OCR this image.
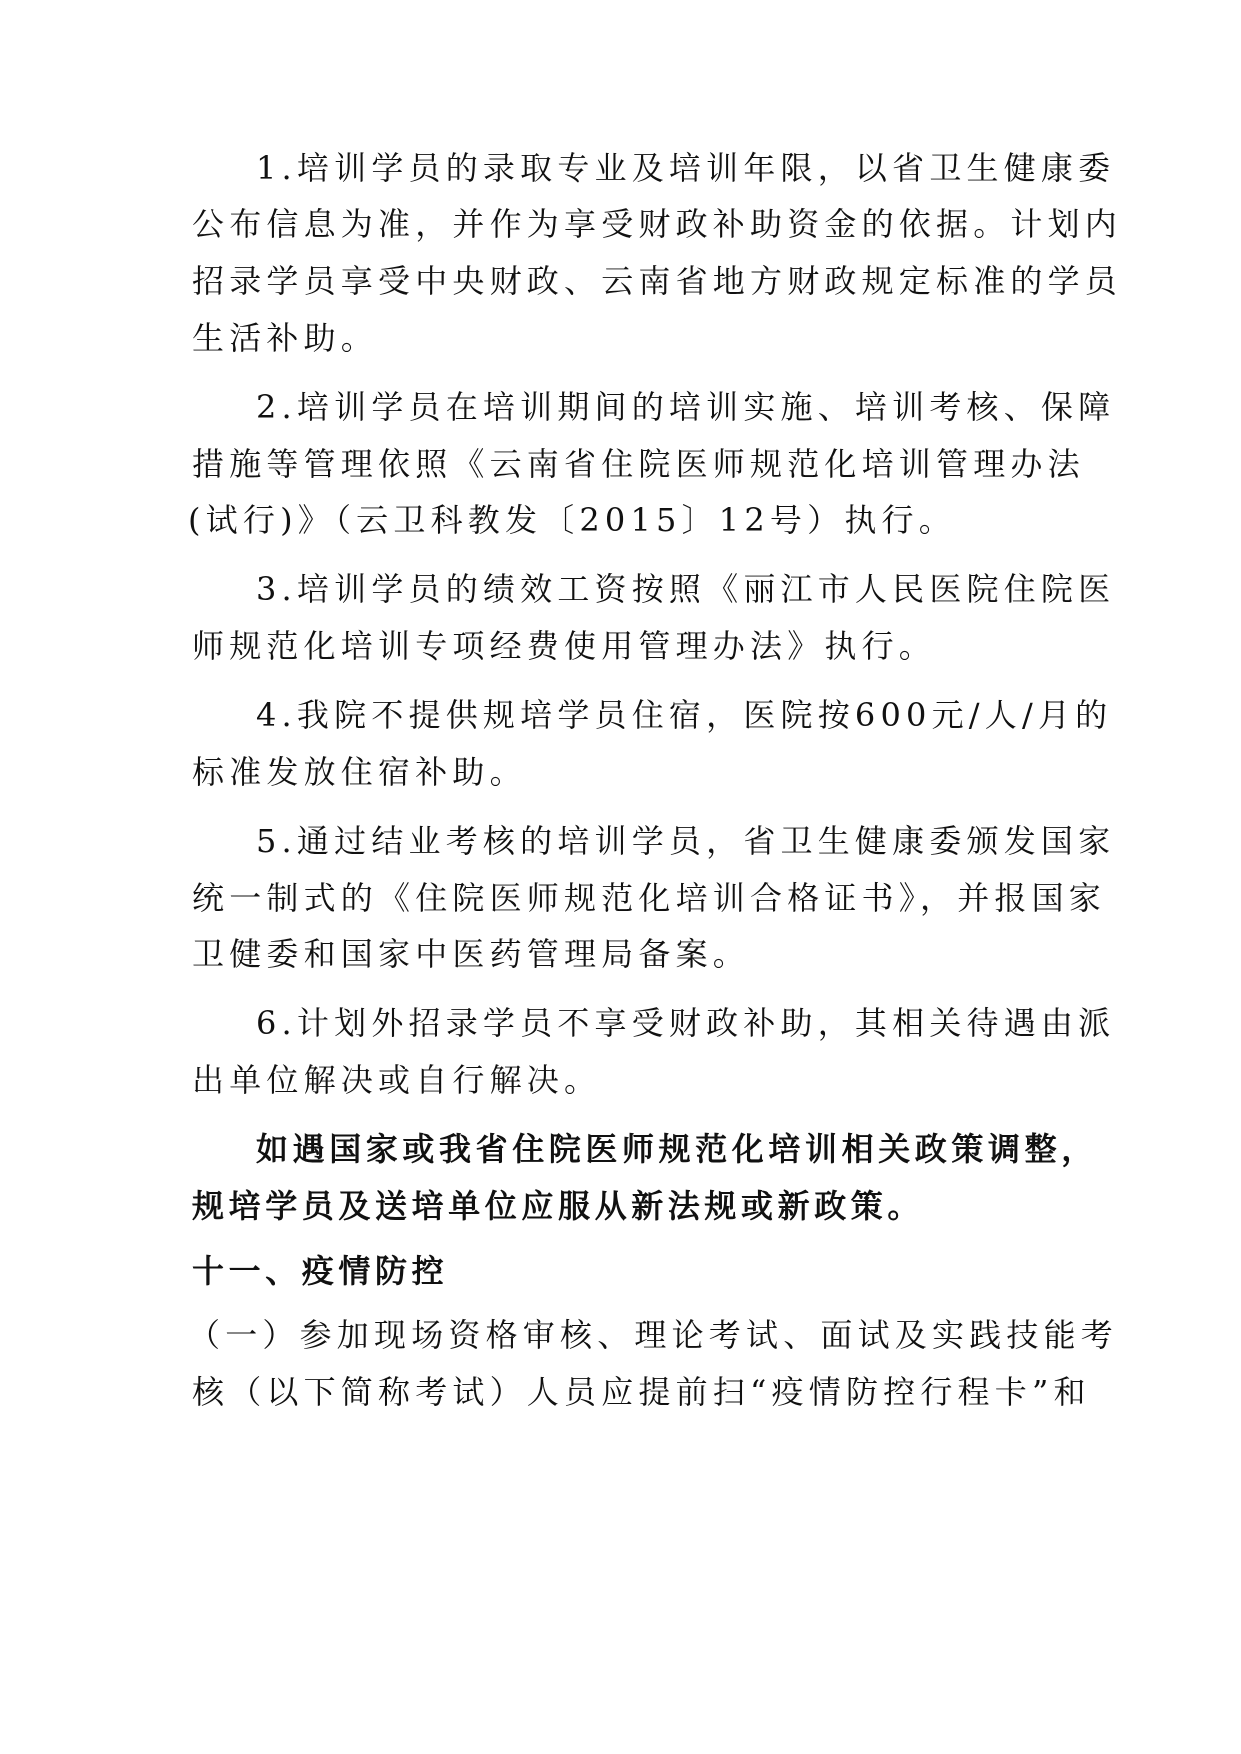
1.培训学员的录取专业及培训年限，以省卫生健康委
公布信息为准，并作为享受财政补助资金的依据。计划内
招录学员享受中央财政、云南省地方财政规定标准的学员
生活补助。
2.培训学员在培训期间的培训实施、培训考核、保障
措施等管理依照《云南省住院医师规范化培训管理办法
(试行)》（云卫科教发〔2015〕12号）执行。
3.培训学员的绩效工资按照《丽江市人民医院住院医
师规范化培训专项经费使用管理办法》执行。
4.我院不提供规培学员住宿，医院按600元/人/月的
标准发放住宿补助。
5.通过结业考核的培训学员，省卫生健康委颁发国家
统一制式的《住院医师规范化培训合格证书》，并报国家
卫健委和国家中医药管理局备案。
6.计划外招录学员不享受财政补助，其相关待遇由派
出单位解决或自行解决。
如遇国家或我省住院医师规范化培训相关政策调整，
规培学员及送培单位应服从新法规或新政策。
十一、疫情防控
（一）参加现场资格审核、理论考试、面试及实践技能考
核（以下简称考试）人员应提前扫“疫情防控行程卡”和
